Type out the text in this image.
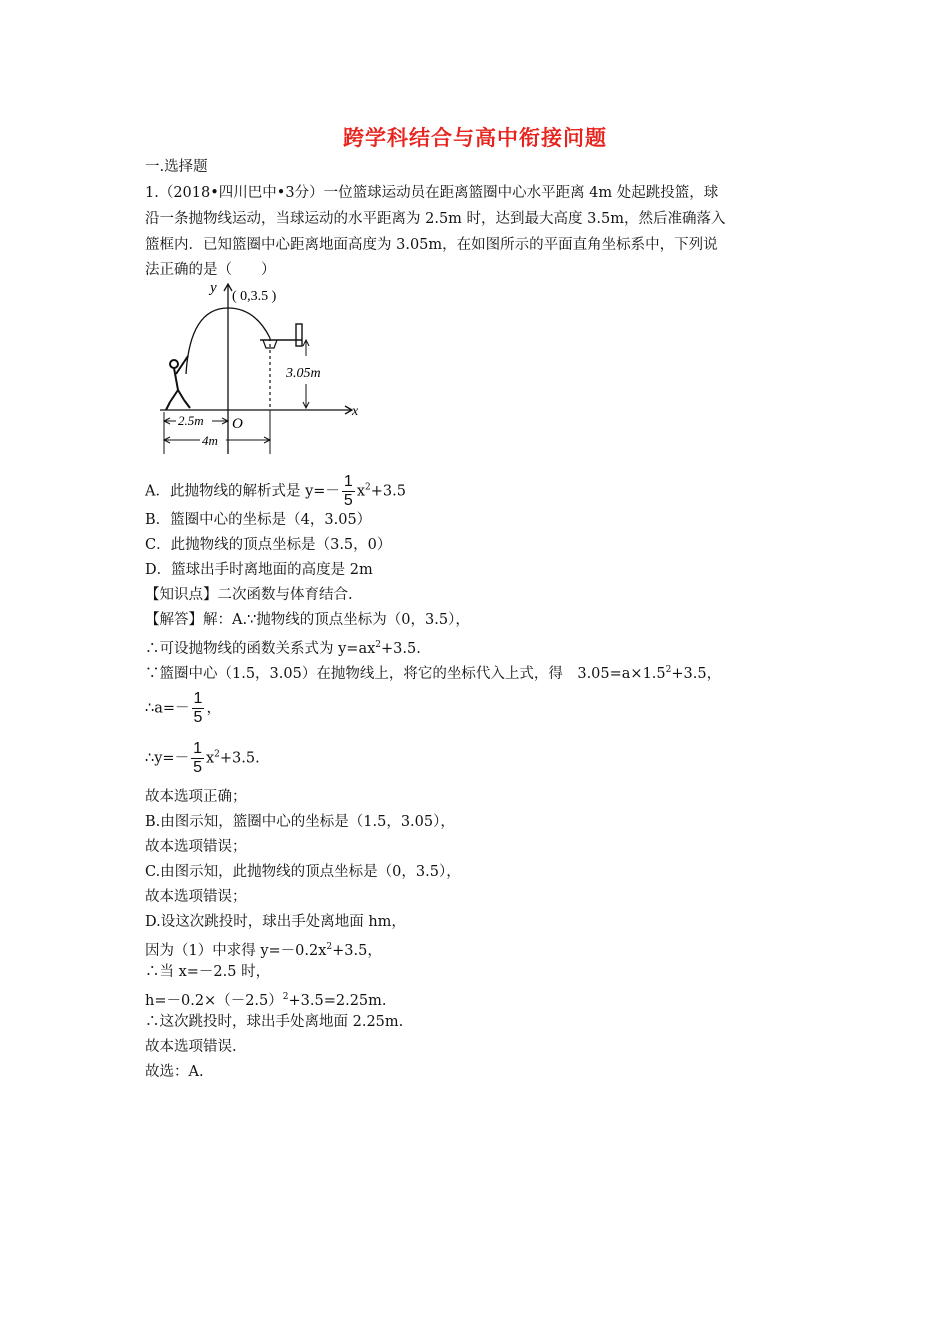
跨学科结合与高中衔接问题
一.选择题
1.（2018•四川巴中•3分）一位篮球运动员在距离篮圈中心水平距离 4m 处起跳投篮，球
沿一条抛物线运动，当球运动的水平距离为 2.5m 时，达到最大高度 3.5m，然后准确落入
篮框内．已知篮圈中心距离地面高度为 3.05m，在如图所示的平面直角坐标系中，下列说
法正确的是（　　）
y
x
O
( 0,3.5 )
3.05m
2.5m
4m
A．此抛物线的解析式是 $y=- \frac{1}{5} x^2+3.5$
B．篮圈中心的坐标是（4，3.05）
C．此抛物线的顶点坐标是（3.5，0）
D．篮球出手时离地面的高度是 2m
【知识点】二次函数与体育结合.
【解答】解：A.∵抛物线的顶点坐标为（0，3.5），
∴可设抛物线的函数关系式为 $y=ax^2+3.5$.
∵篮圈中心（1.5，3.05）在抛物线上，将它的坐标代入上式，得　$3.05=a\times 1.5^2+3.5$，
∴a=－ $\frac{1}{5}$ ，
∴y=－ $\frac{1}{5} x^2+3.5$.
故本选项正确；
B.由图示知，篮圈中心的坐标是（1.5，3.05），
故本选项错误；
C.由图示知，此抛物线的顶点坐标是（0，3.5），
故本选项错误；
D.设这次跳投时，球出手处离地面 hm，
因为（1）中求得 $y=-0.2x^2+3.5$，
∴当 x=－2.5 时，
$h=-0.2\times(-2.5)^2+3.5=2.25m$.
∴这次跳投时，球出手处离地面 2.25m.
故本选项错误.
故选：A.
